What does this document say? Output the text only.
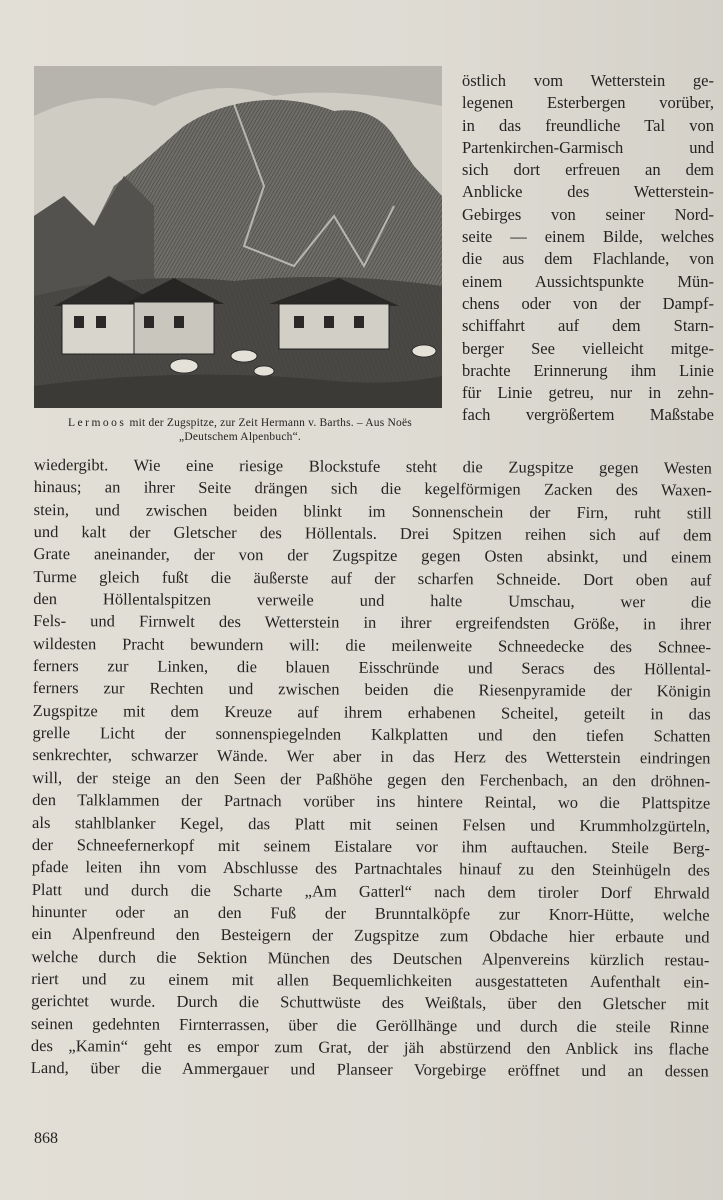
Lermoos mit der Zugspitze, zur Zeit Hermann v. Barths. – Aus Noës
„Deutschem Alpenbuch“.
östlich vom Wetterstein ge-
legenen Esterbergen vorüber,
in das freundliche Tal von
Partenkirchen-Garmisch und
sich dort erfreuen an dem
Anblicke des Wetterstein-
Gebirges von seiner Nord-
seite — einem Bilde, welches
die aus dem Flachlande, von
einem Aussichtspunkte Mün-
chens oder von der Dampf-
schiffahrt auf dem Starn-
berger See vielleicht mitge-
brachte Erinnerung ihm Linie
für Linie getreu, nur in zehn-
fach vergrößertem Maßstabe
wiedergibt. Wie eine riesige Blockstufe steht die Zugspitze gegen Westen
hinaus; an ihrer Seite drängen sich die kegelförmigen Zacken des Waxen-
stein, und zwischen beiden blinkt im Sonnenschein der Firn, ruht still
und kalt der Gletscher des Höllentals. Drei Spitzen reihen sich auf dem
Grate aneinander, der von der Zugspitze gegen Osten absinkt, und einem
Turme gleich fußt die äußerste auf der scharfen Schneide. Dort oben auf
den Höllentalspitzen verweile und halte Umschau, wer die
Fels- und Firnwelt des Wetterstein in ihrer ergreifendsten Größe, in ihrer
wildesten Pracht bewundern will: die meilenweite Schneedecke des Schnee-
ferners zur Linken, die blauen Eisschründe und Seracs des Höllental-
ferners zur Rechten und zwischen beiden die Riesenpyramide der Königin
Zugspitze mit dem Kreuze auf ihrem erhabenen Scheitel, geteilt in das
grelle Licht der sonnenspiegelnden Kalkplatten und den tiefen Schatten
senkrechter, schwarzer Wände. Wer aber in das Herz des Wetterstein eindringen
will, der steige an den Seen der Paßhöhe gegen den Ferchenbach, an den dröhnen-
den Talklammen der Partnach vorüber ins hintere Reintal, wo die Plattspitze
als stahlblanker Kegel, das Platt mit seinen Felsen und Krummholzgürteln,
der Schneefernerkopf mit seinem Eistalare vor ihm auftauchen. Steile Berg-
pfade leiten ihn vom Abschlusse des Partnachtales hinauf zu den Steinhügeln des
Platt und durch die Scharte „Am Gatterl“ nach dem tiroler Dorf Ehrwald
hinunter oder an den Fuß der Brunntalköpfe zur Knorr-Hütte, welche
ein Alpenfreund den Besteigern der Zugspitze zum Obdache hier erbaute und
welche durch die Sektion München des Deutschen Alpenvereins kürzlich restau-
riert und zu einem mit allen Bequemlichkeiten ausgestatteten Aufenthalt ein-
gerichtet wurde. Durch die Schuttwüste des Weißtals, über den Gletscher mit
seinen gedehnten Firnterrassen, über die Geröllhänge und durch die steile Rinne
des „Kamin“ geht es empor zum Grat, der jäh abstürzend den Anblick ins flache
Land, über die Ammergauer und Planseer Vorgebirge eröffnet und an dessen
868
